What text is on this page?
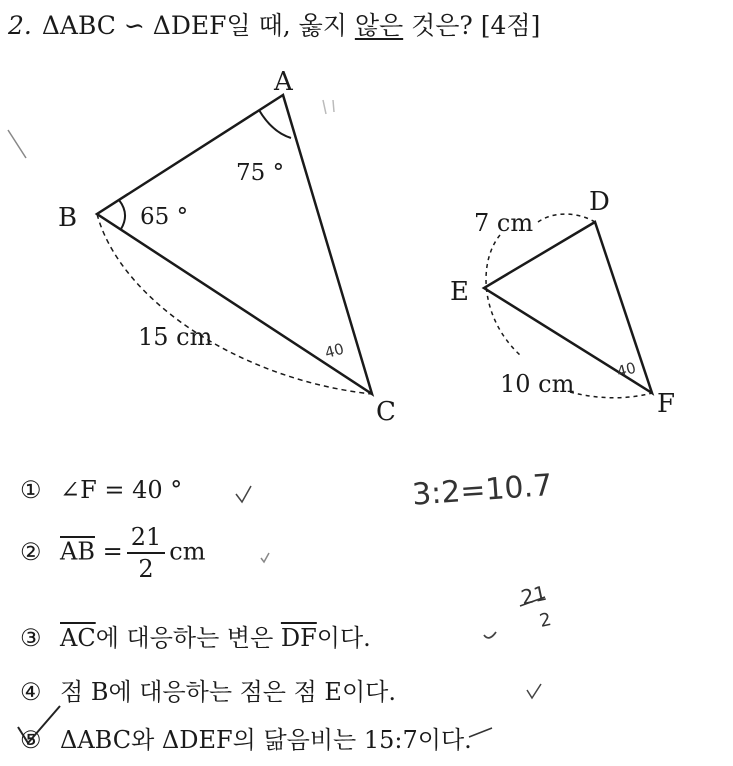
2. ΔABC ∽ ΔDEF일 때, 옳지 않은 것은? [4점]
A
B
C
75 °
65 °
15 cm	40
D
E
F
7 cm
10 cm
40
3:2=10.7
21
2
① ∠F = 40 °
② $\overline{AB} = \frac{21}{2}$ cm
③ $\overline{AC}$에 대응하는 변은 $\overline{DF}$이다.
④ 점 B에 대응하는 점은 점 E이다.
⑤ ΔABC와 ΔDEF의 닮음비는 15:7이다.
